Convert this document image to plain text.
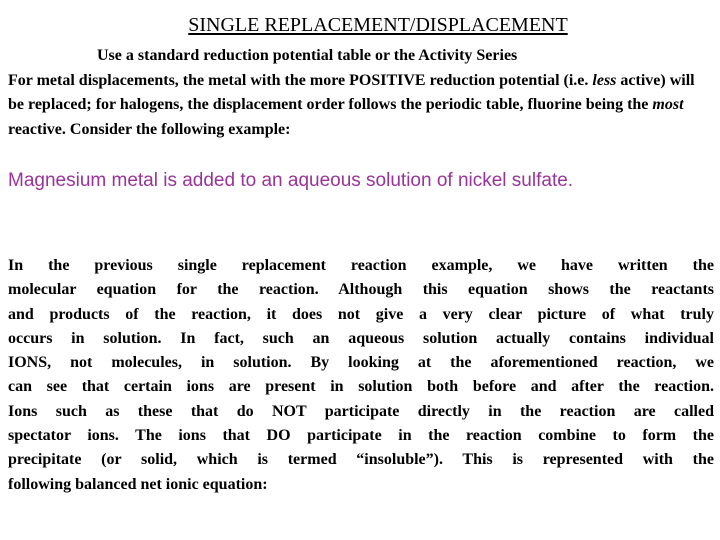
SINGLE REPLACEMENT/DISPLACEMENT
Use a standard reduction potential table or the Activity Series
For metal displacements, the metal with the more POSITIVE reduction potential (i.e. less active) will be replaced; for halogens, the displacement order follows the periodic table, fluorine being the most reactive. Consider the following example:
Magnesium metal is added to an aqueous solution of nickel sulfate.
In the previous single replacement reaction example, we have written the
molecular equation for the reaction. Although this equation shows the reactants
and products of the reaction, it does not give a very clear picture of what truly
occurs in solution. In fact, such an aqueous solution actually contains individual
IONS, not molecules, in solution. By looking at the aforementioned reaction, we
can see that certain ions are present in solution both before and after the reaction.
Ions such as these that do NOT participate directly in the reaction are called
spectator ions. The ions that DO participate in the reaction combine to form the
precipitate (or solid, which is termed “insoluble”). This is represented with the
following balanced net ionic equation:
